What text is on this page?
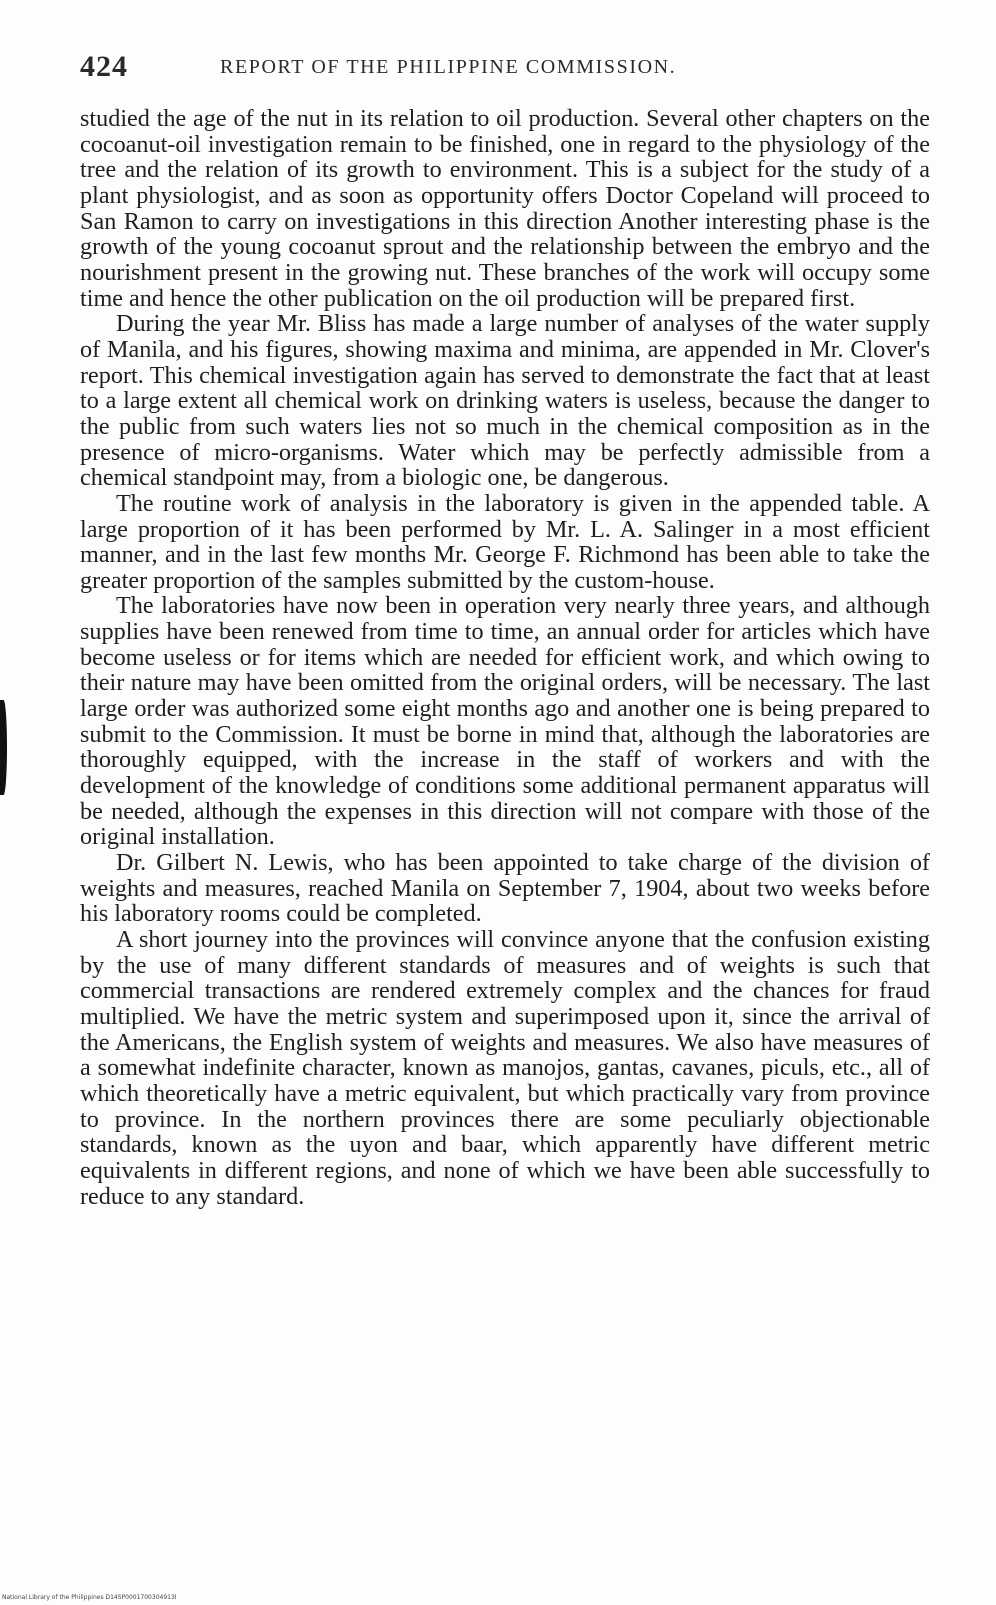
424	REPORT OF THE PHILIPPINE COMMISSION.

studied the age of the nut in its relation to oil production. Several other chapters on the cocoanut-oil investigation remain to be finished, one in regard to the physiology of the tree and the relation of its growth to environment. This is a subject for the study of a plant physiologist, and as soon as opportunity offers Doctor Copeland will proceed to San Ramon to carry on investigations in this direction Another interesting phase is the growth of the young cocoanut sprout and the relationship between the embryo and the nourishment present in the growing nut. These branches of the work will occupy some time and hence the other publication on the oil production will be prepared first.

During the year Mr. Bliss has made a large number of analyses of the water supply of Manila, and his figures, showing maxima and minima, are appended in Mr. Clover's report. This chemical investigation again has served to demonstrate the fact that at least to a large extent all chemical work on drinking waters is useless, because the danger to the public from such waters lies not so much in the chemical composition as in the presence of micro-organisms. Water which may be perfectly admissible from a chemical standpoint may, from a biologic one, be dangerous.

The routine work of analysis in the laboratory is given in the appended table. A large proportion of it has been performed by Mr. L. A. Salinger in a most efficient manner, and in the last few months Mr. George F. Richmond has been able to take the greater proportion of the samples submitted by the custom-house.

The laboratories have now been in operation very nearly three years, and although supplies have been renewed from time to time, an annual order for articles which have become useless or for items which are needed for efficient work, and which owing to their nature may have been omitted from the original orders, will be necessary. The last large order was authorized some eight months ago and another one is being prepared to submit to the Commission. It must be borne in mind that, although the laboratories are thoroughly equipped, with the increase in the staff of workers and with the development of the knowledge of conditions some additional permanent apparatus will be needed, although the expenses in this direction will not compare with those of the original installation.

Dr. Gilbert N. Lewis, who has been appointed to take charge of the division of weights and measures, reached Manila on September 7, 1904, about two weeks before his laboratory rooms could be completed.

A short journey into the provinces will convince anyone that the confusion existing by the use of many different standards of measures and of weights is such that commercial transactions are rendered extremely complex and the chances for fraud multiplied. We have the metric system and superimposed upon it, since the arrival of the Americans, the English system of weights and measures. We also have measures of a somewhat indefinite character, known as manojos, gantas, cavanes, piculs, etc., all of which theoretically have a metric equivalent, but which practically vary from province to province. In the northern provinces there are some peculiarly objectionable standards, known as the uyon and baar, which apparently have different metric equivalents in different regions, and none of which we have been able successfully to reduce to any standard.

National Library of the Philippines D14SP0001700304913l
